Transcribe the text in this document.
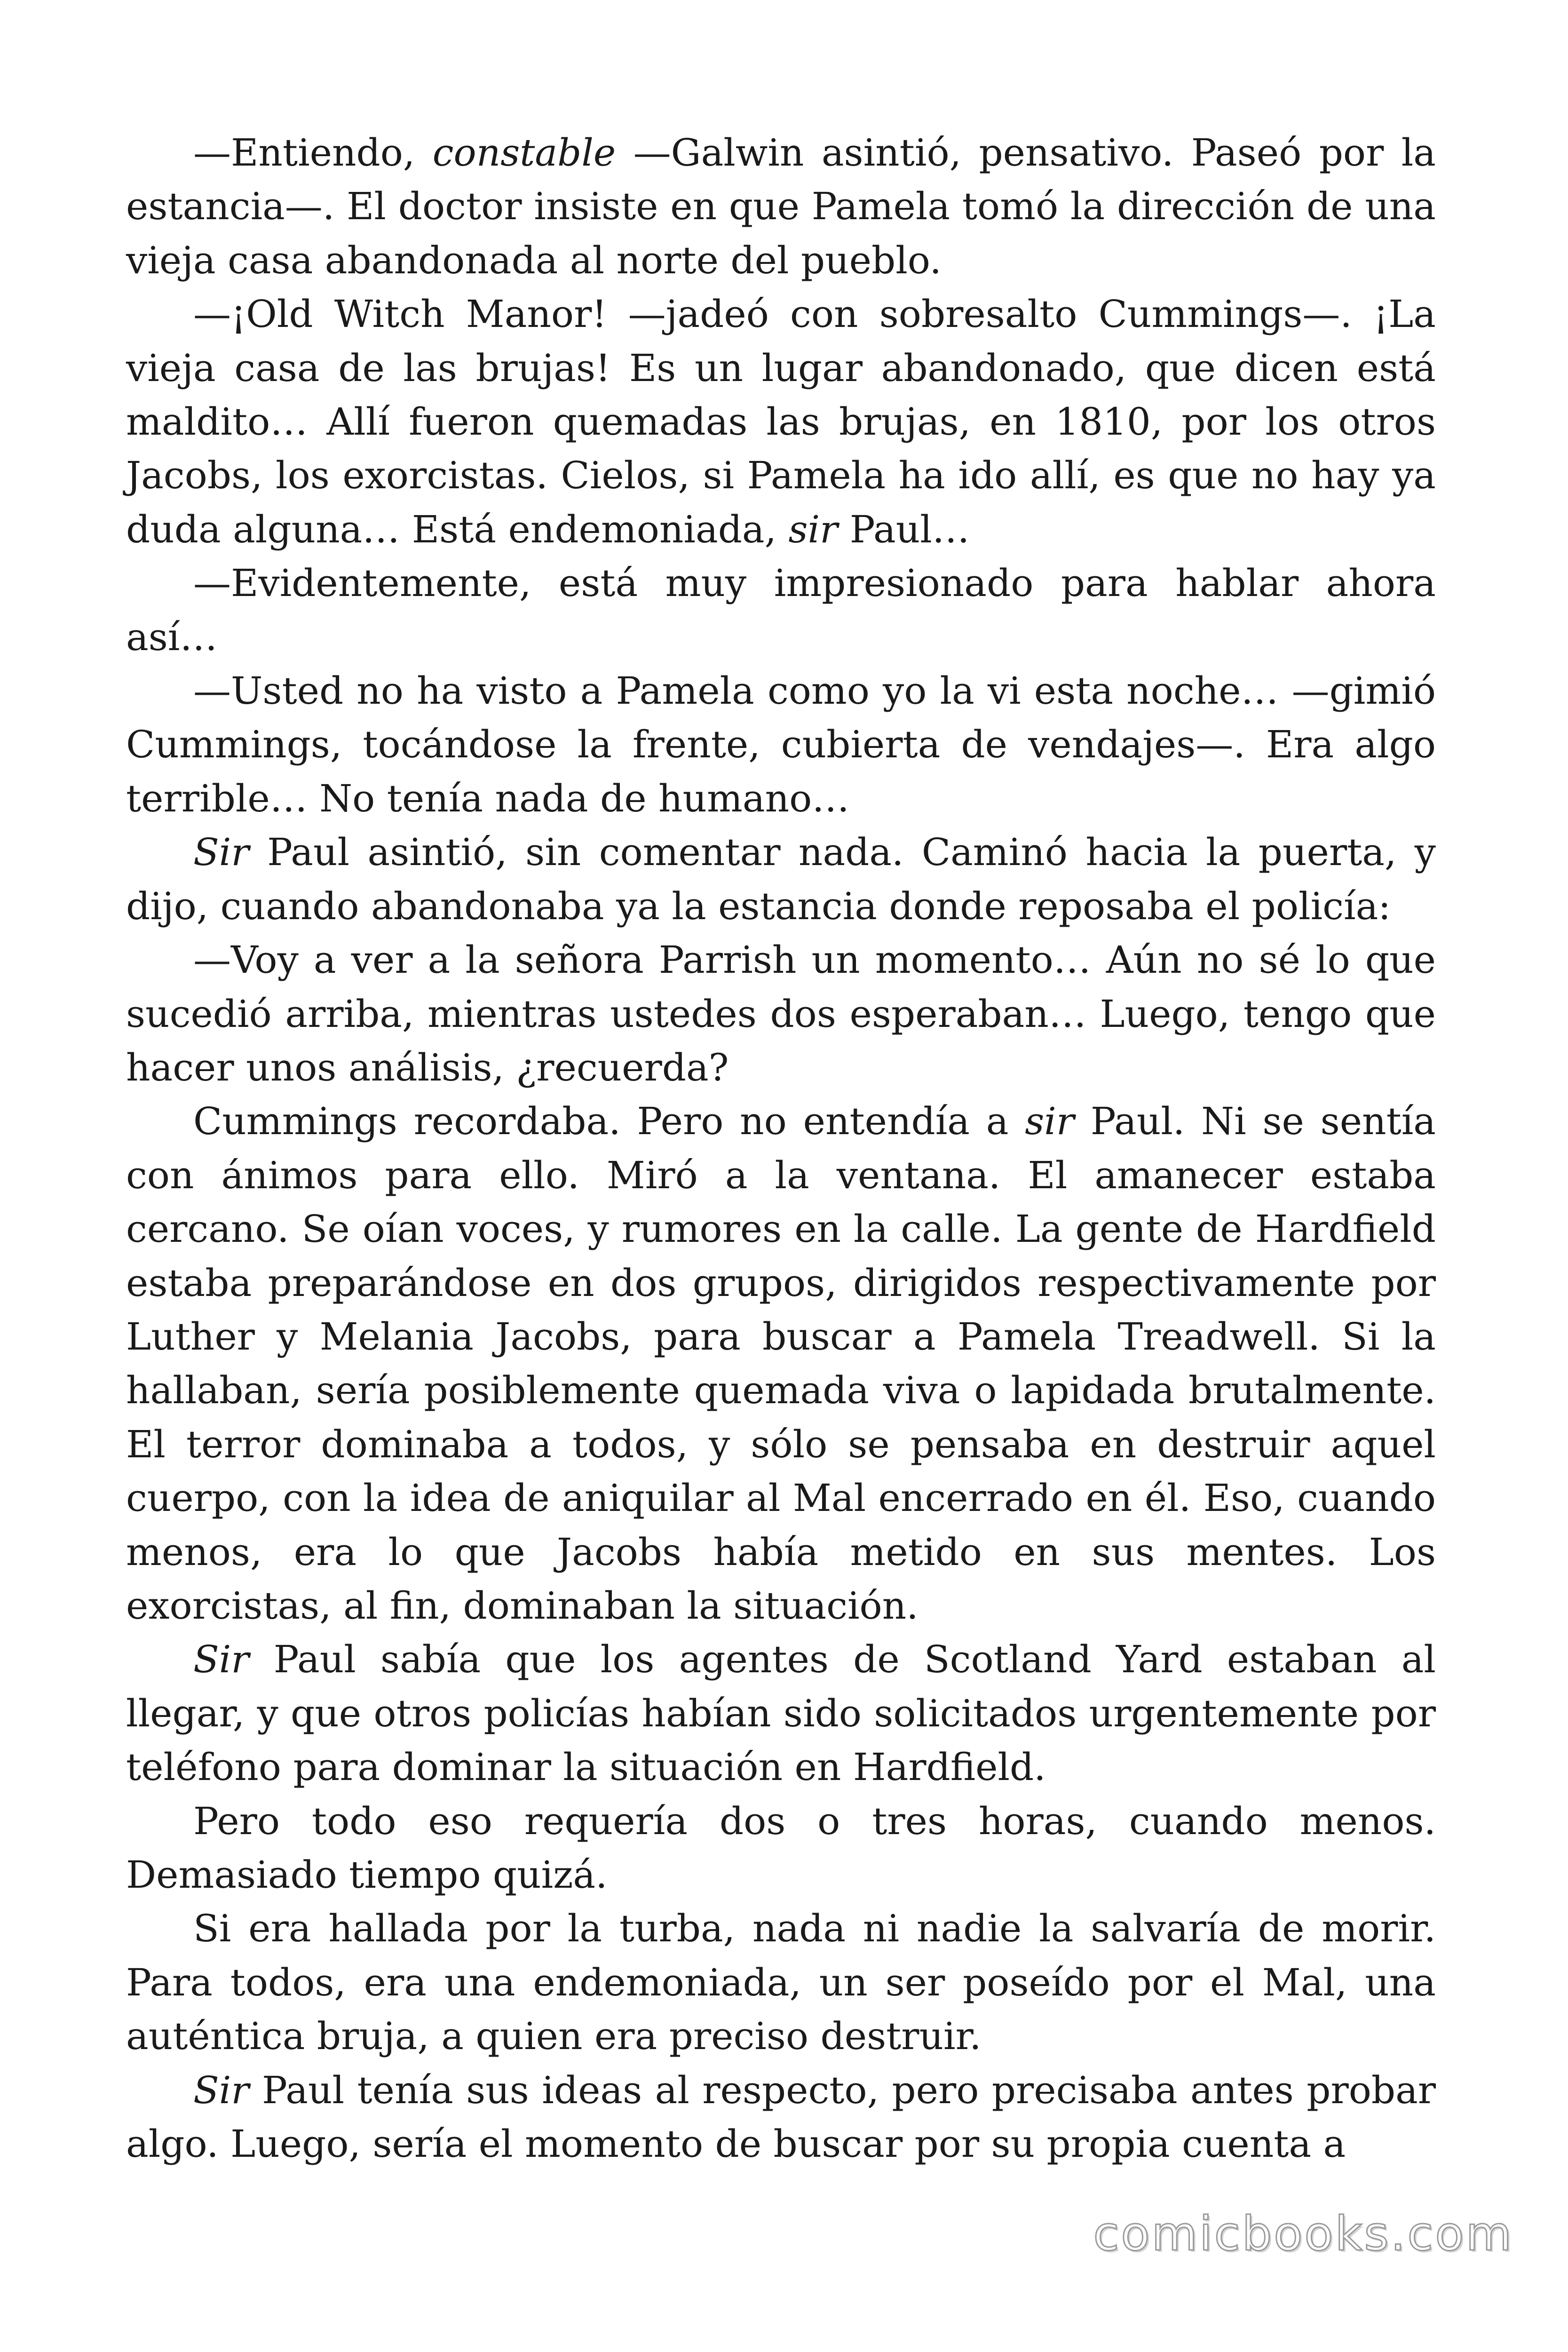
—Entiendo, constable —Galwin asintió, pensativo. Paseó por la estancia—. El doctor insiste en que Pamela tomó la dirección de una vieja casa abandonada al norte del pueblo.

—¡Old Witch Manor! —jadeó con sobresalto Cummings—. ¡La vieja casa de las brujas! Es un lugar abandonado, que dicen está maldito… Allí fueron quemadas las brujas, en 1810, por los otros Jacobs, los exorcistas. Cielos, si Pamela ha ido allí, es que no hay ya duda alguna… Está endemoniada, sir Paul…

—Evidentemente, está muy impresionado para hablar ahora así…

—Usted no ha visto a Pamela como yo la vi esta noche… —gimió Cummings, tocándose la frente, cubierta de vendajes—. Era algo terrible… No tenía nada de humano…

Sir Paul asintió, sin comentar nada. Caminó hacia la puerta, y dijo, cuando abandonaba ya la estancia donde reposaba el policía:

—Voy a ver a la señora Parrish un momento… Aún no sé lo que sucedió arriba, mientras ustedes dos esperaban… Luego, tengo que hacer unos análisis, ¿recuerda?

Cummings recordaba. Pero no entendía a sir Paul. Ni se sentía con ánimos para ello. Miró a la ventana. El amanecer estaba cercano. Se oían voces, y rumores en la calle. La gente de Hardfield estaba preparándose en dos grupos, dirigidos respectivamente por Luther y Melania Jacobs, para buscar a Pamela Treadwell. Si la hallaban, sería posiblemente quemada viva o lapidada brutalmente. El terror dominaba a todos, y sólo se pensaba en destruir aquel cuerpo, con la idea de aniquilar al Mal encerrado en él. Eso, cuando menos, era lo que Jacobs había metido en sus mentes. Los exorcistas, al fin, dominaban la situación.

Sir Paul sabía que los agentes de Scotland Yard estaban al llegar, y que otros policías habían sido solicitados urgentemente por teléfono para dominar la situación en Hardfield.

Pero todo eso requería dos o tres horas, cuando menos. Demasiado tiempo quizá.

Si era hallada por la turba, nada ni nadie la salvaría de morir. Para todos, era una endemoniada, un ser poseído por el Mal, una auténtica bruja, a quien era preciso destruir.

Sir Paul tenía sus ideas al respecto, pero precisaba antes probar algo. Luego, sería el momento de buscar por su propia cuenta a

comicbooks.com
